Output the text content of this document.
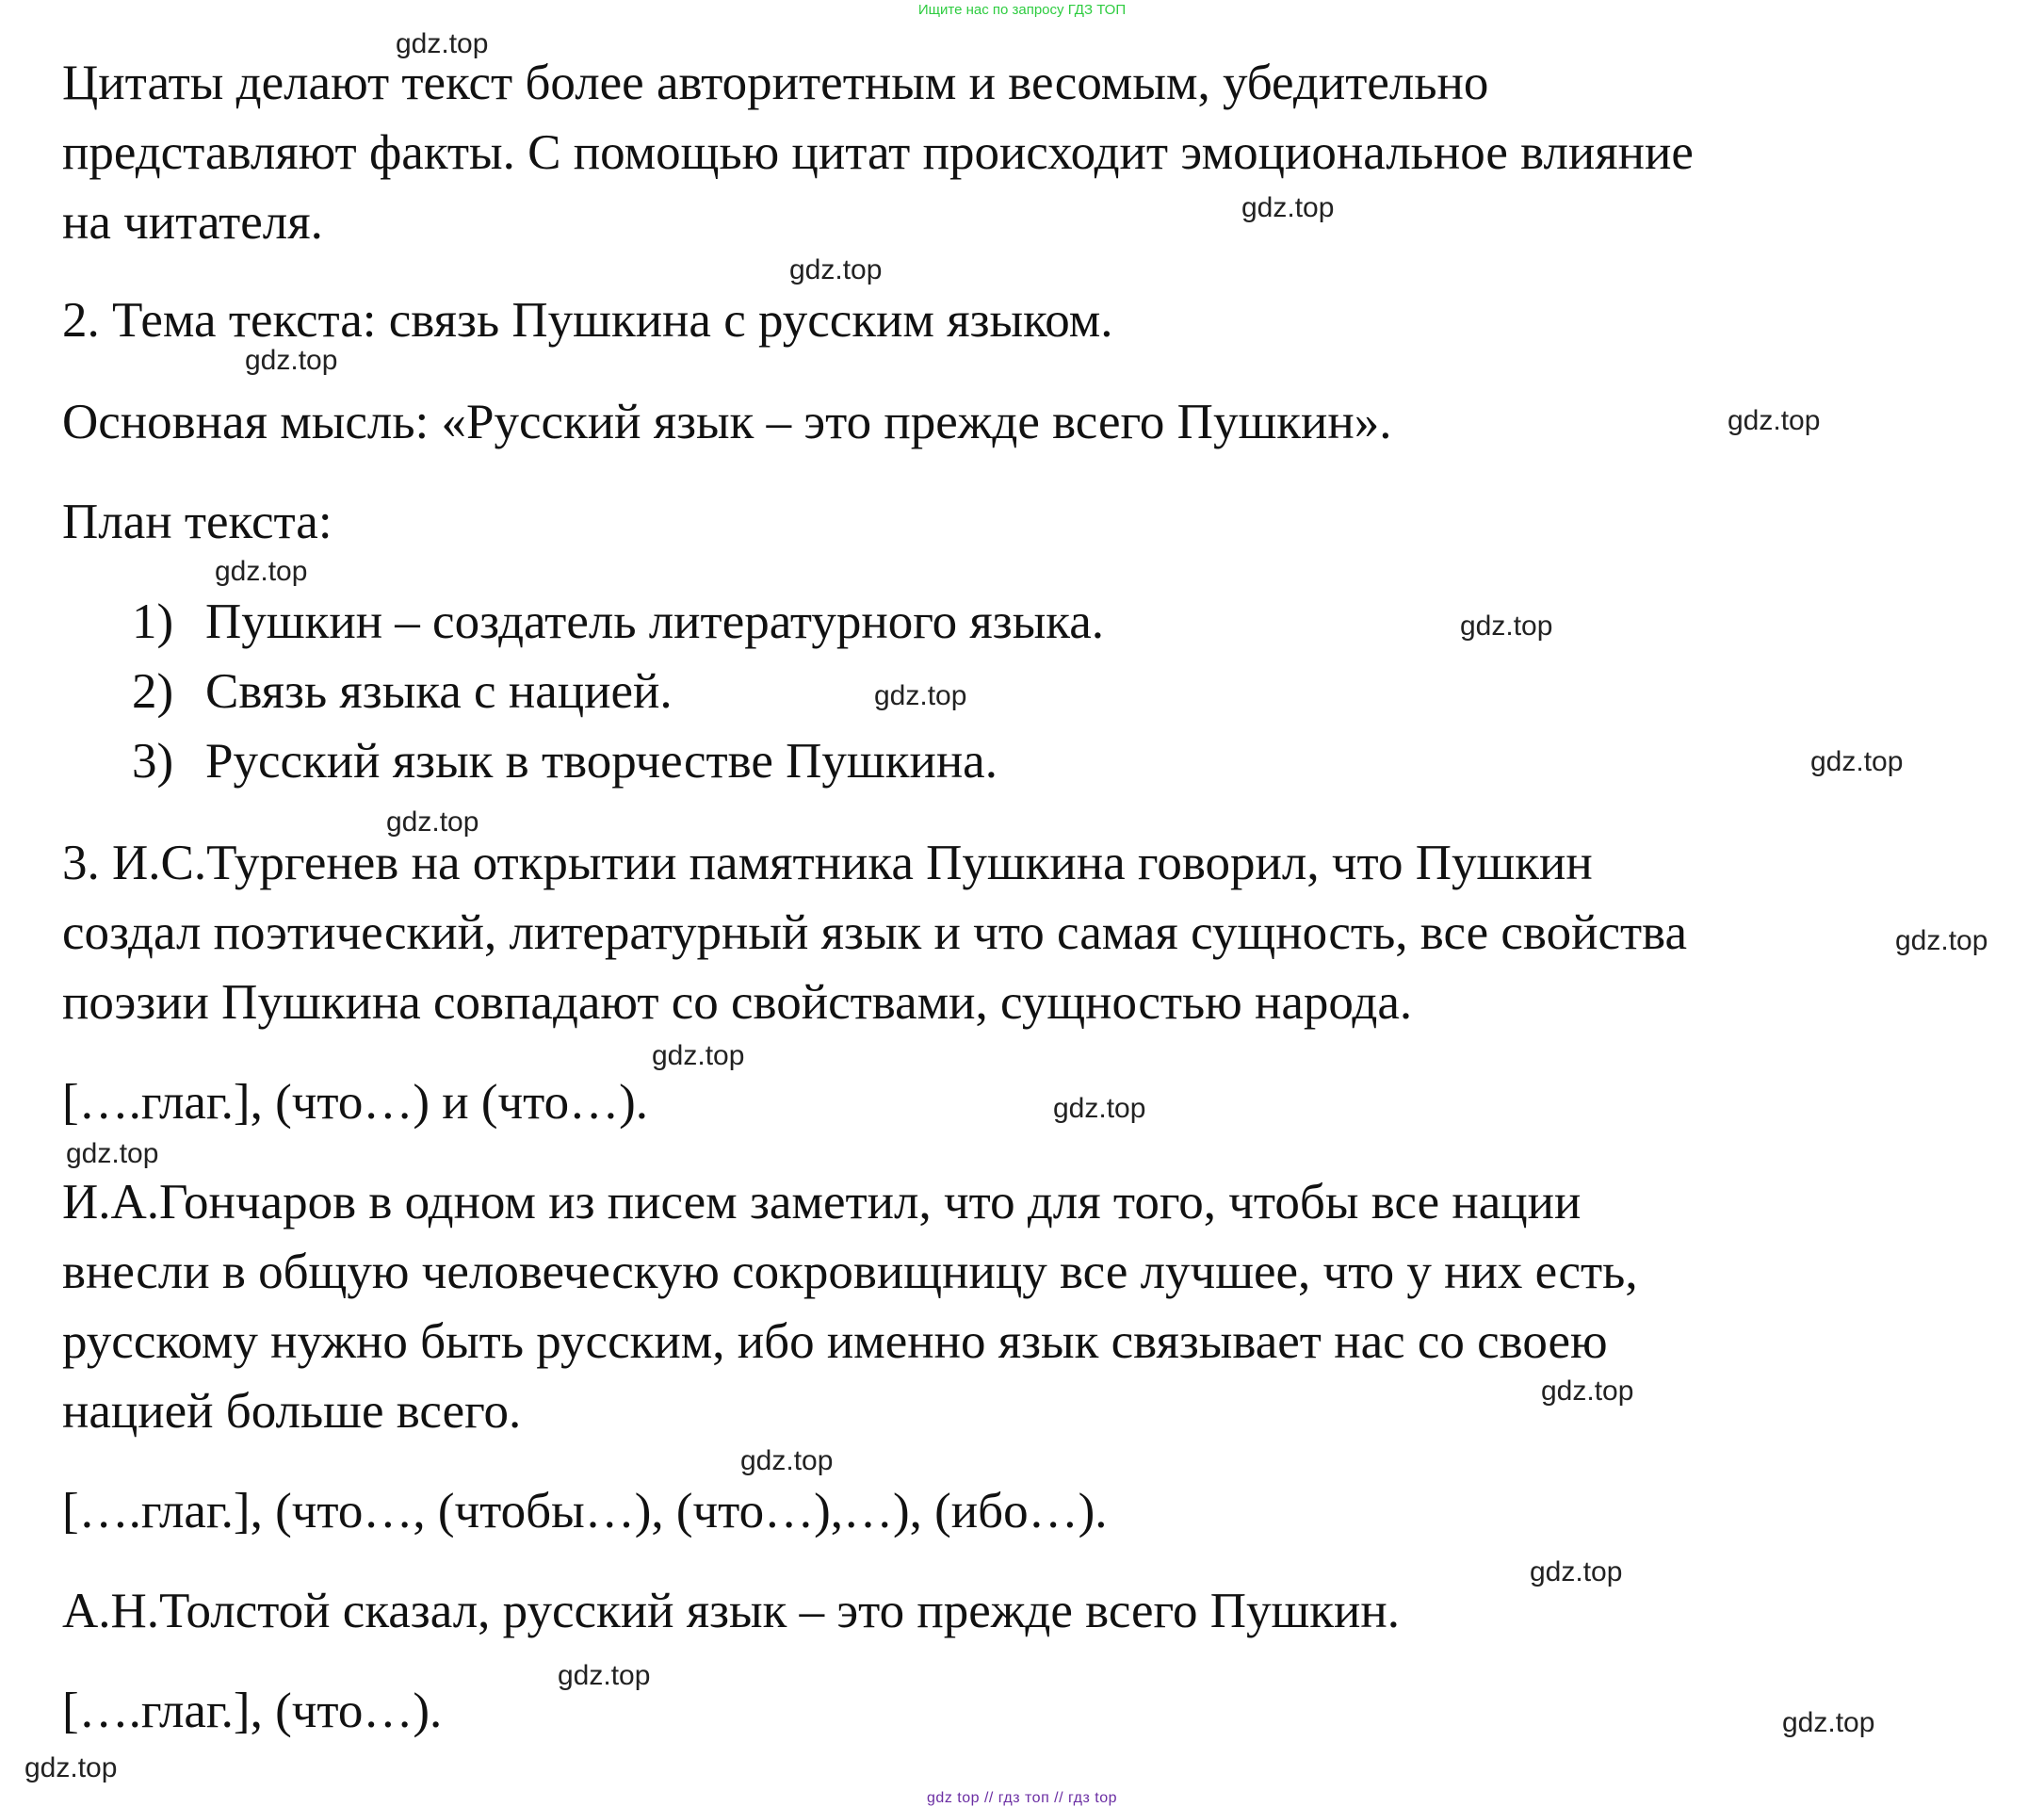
Ищите нас по запросу ГДЗ ТОП
Цитаты делают текст более авторитетным и весомым, убедительно
представляют факты. С помощью цитат происходит эмоциональное влияние
на читателя.
2. Тема текста: связь Пушкина с русским языком.
Основная мысль: «Русский язык – это прежде всего Пушкин».
План текста:
1) Пушкин – создатель литературного языка.
2) Связь языка с нацией.
3) Русский язык в творчестве Пушкина.
3. И.С.Тургенев на открытии памятника Пушкина говорил, что Пушкин
создал поэтический, литературный язык и что самая сущность, все свойства
поэзии Пушкина совпадают со свойствами, сущностью народа.
[….глаг.], (что…) и (что…).
И.А.Гончаров в одном из писем заметил, что для того, чтобы все нации
внесли в общую человеческую сокровищницу все лучшее, что у них есть,
русскому нужно быть русским, ибо именно язык связывает нас со своею
нацией больше всего.
[….глаг.], (что…, (чтобы…), (что…),…), (ибо…).
А.Н.Толстой сказал, русский язык – это прежде всего Пушкин.
[….глаг.], (что…).
gdz.top
gdz.top
gdz.top
gdz.top
gdz.top
gdz.top
gdz.top
gdz.top
gdz.top
gdz.top
gdz.top
gdz.top
gdz.top
gdz.top
gdz.top
gdz.top
gdz.top
gdz.top
gdz.top
gdz.top
gdz top // гдз топ // гдз top
